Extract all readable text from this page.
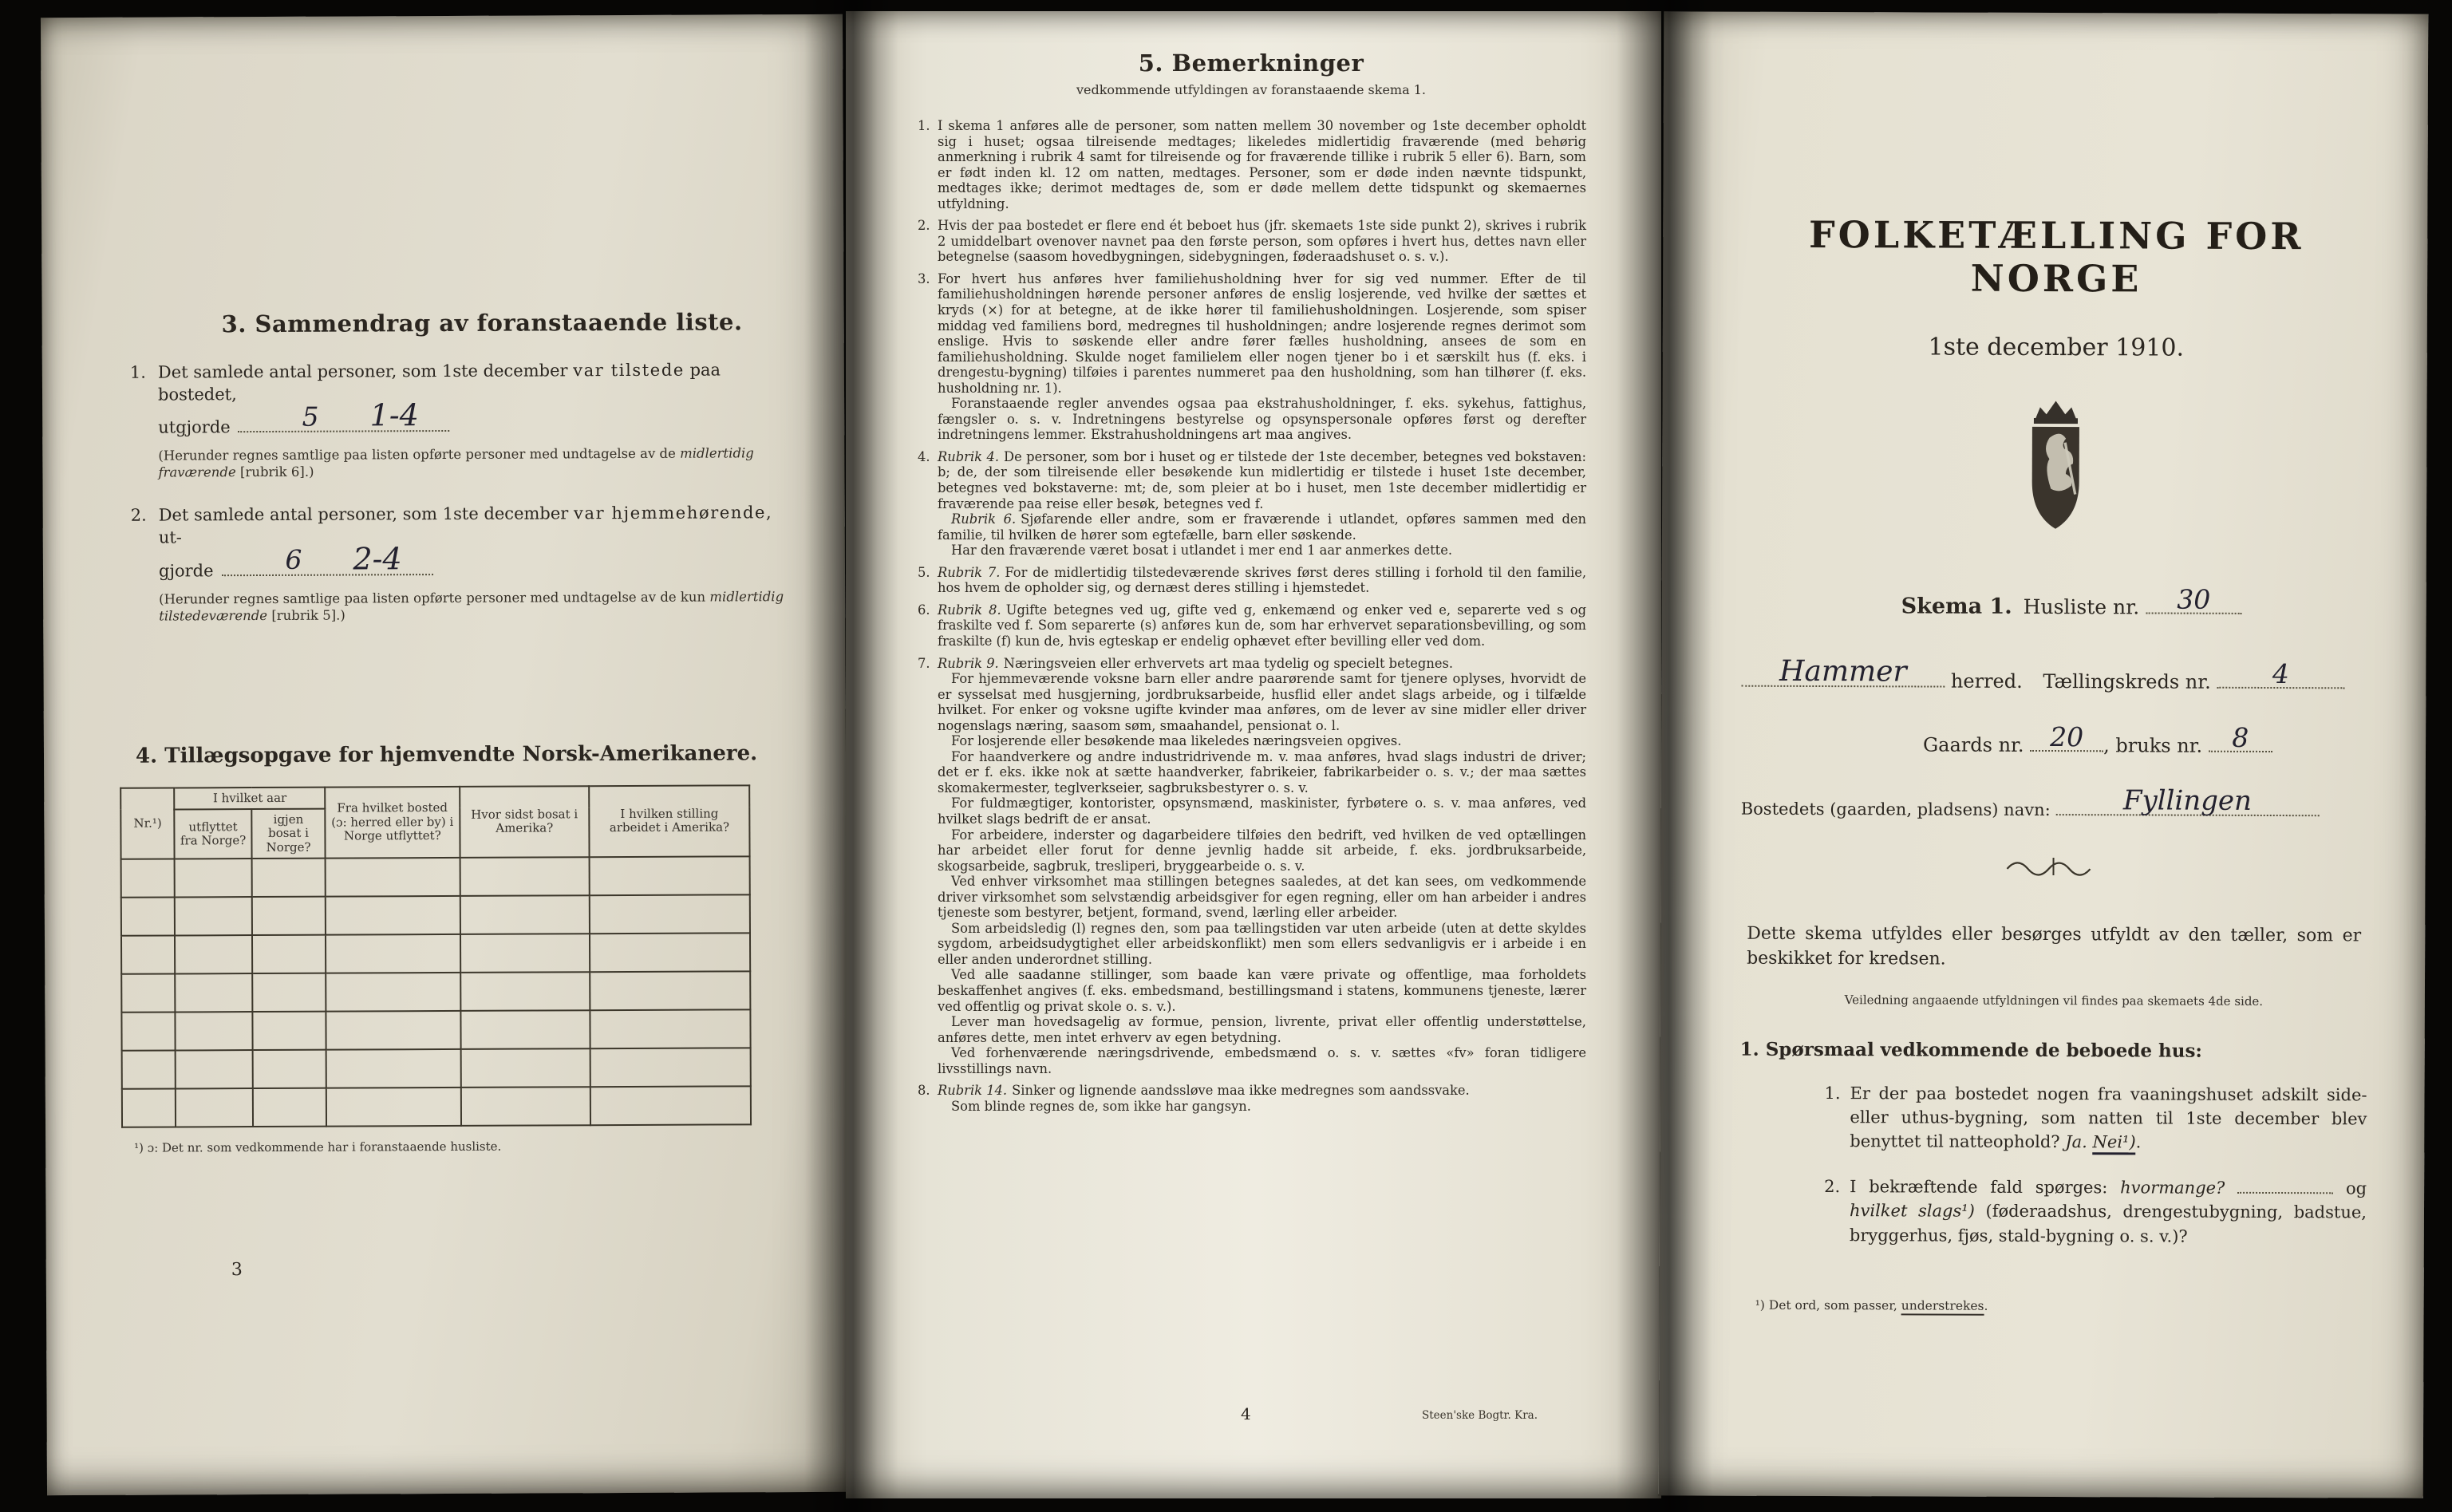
3. Sammendrag av foranstaaende liste.
1. Det samlede antal personer, som 1ste december var tilstede paa bostedet,
utgjorde	5 1-4
(Herunder regnes samtlige paa listen opførte personer med undtagelse av de midlertidig fraværende [rubrik 6].)
2. Det samlede antal personer, som 1ste december var hjemmehørende, ut-
gjorde	6 2-4
(Herunder regnes samtlige paa listen opførte personer med undtagelse av de kun midlertidig tilstedeværende [rubrik 5].)
4. Tillægsopgave for hjemvendte Norsk-Amerikanere.
Nr.¹)	I hvilket aar		Fra hvilket bosted (ɔ: herred eller by) i Norge utflyttet?	Hvor sidst bosat i Amerika?	I hvilken stilling arbeidet i Amerika?
	utflyttet fra Norge?	igjen bosat i Norge?			

¹) ɔ: Det nr. som vedkommende har i foranstaaende husliste.
3
5. Bemerkninger
vedkommende utfyldingen av foranstaaende skema 1.
1. I skema 1 anføres alle de personer, som natten mellem 30 november og 1ste december opholdt sig i huset; ogsaa tilreisende medtages; likeledes midlertidig fraværende (med behørig anmerkning i rubrik 4 samt for tilreisende og for fraværende tillike i rubrik 5 eller 6). Barn, som er født inden kl. 12 om natten, medtages. Personer, som er døde inden nævnte tidspunkt, medtages ikke; derimot medtages de, som er døde mellem dette tidspunkt og skemaernes utfyldning.
2. Hvis der paa bostedet er flere end ét beboet hus (jfr. skemaets 1ste side punkt 2), skrives i rubrik 2 umiddelbart ovenover navnet paa den første person, som opføres i hvert hus, dettes navn eller betegnelse (saasom hovedbygningen, sidebygningen, føderaadshuset o. s. v.).
3. For hvert hus anføres hver familiehusholdning hver for sig ved nummer. Efter de til familiehusholdningen hørende personer anføres de enslig losjerende, ved hvilke der sættes et kryds (×) for at betegne, at de ikke hører til familiehusholdningen. Losjerende, som spiser middag ved familiens bord, medregnes til husholdningen; andre losjerende regnes derimot som enslige. Hvis to søskende eller andre fører fælles husholdning, ansees de som en familiehusholdning. Skulde noget familielem eller nogen tjener bo i et særskilt hus (f. eks. i drengestu-bygning) tilføies i parentes nummeret paa den husholdning, som han tilhører (f. eks. husholdning nr. 1).
Foranstaaende regler anvendes ogsaa paa ekstrahusholdninger, f. eks. sykehus, fattighus, fængsler o. s. v. Indretningens bestyrelse og opsynspersonale opføres først og derefter indretningens lemmer. Ekstrahusholdningens art maa angives.
4. Rubrik 4. De personer, som bor i huset og er tilstede der 1ste december, betegnes ved bokstaven: b; de, der som tilreisende eller besøkende kun midlertidig er tilstede i huset 1ste december, betegnes ved bokstaverne: mt; de, som pleier at bo i huset, men 1ste december midlertidig er fraværende paa reise eller besøk, betegnes ved f.
Rubrik 6. Sjøfarende eller andre, som er fraværende i utlandet, opføres sammen med den familie, til hvilken de hører som egtefælle, barn eller søskende.
Har den fraværende været bosat i utlandet i mer end 1 aar anmerkes dette.
5. Rubrik 7. For de midlertidig tilstedeværende skrives først deres stilling i forhold til den familie, hos hvem de opholder sig, og dernæst deres stilling i hjemstedet.
6. Rubrik 8. Ugifte betegnes ved ug, gifte ved g, enkemænd og enker ved e, separerte ved s og fraskilte ved f. Som separerte (s) anføres kun de, som har erhvervet separationsbevilling, og som fraskilte (f) kun de, hvis egteskap er endelig ophævet efter bevilling eller ved dom.
7. Rubrik 9. Næringsveien eller erhvervets art maa tydelig og specielt betegnes.
For hjemmeværende voksne barn eller andre paarørende samt for tjenere oplyses, hvorvidt de er sysselsat med husgjerning, jordbruksarbeide, husflid eller andet slags arbeide, og i tilfælde hvilket. For enker og voksne ugifte kvinder maa anføres, om de lever av sine midler eller driver nogenslags næring, saasom søm, smaahandel, pensionat o. l.
For losjerende eller besøkende maa likeledes næringsveien opgives.
For haandverkere og andre industridrivende m. v. maa anføres, hvad slags industri de driver; det er f. eks. ikke nok at sætte haandverker, fabrikeier, fabrikarbeider o. s. v.; der maa sættes skomakermester, teglverkseier, sagbruksbestyrer o. s. v.
For fuldmægtiger, kontorister, opsynsmænd, maskinister, fyrbøtere o. s. v. maa anføres, ved hvilket slags bedrift de er ansat.
For arbeidere, inderster og dagarbeidere tilføies den bedrift, ved hvilken de ved optællingen har arbeidet eller forut for denne jevnlig hadde sit arbeide, f. eks. jordbruksarbeide, skogsarbeide, sagbruk, tresliperi, bryggearbeide o. s. v.
Ved enhver virksomhet maa stillingen betegnes saaledes, at det kan sees, om vedkommende driver virksomhet som selvstændig arbeidsgiver for egen regning, eller om han arbeider i andres tjeneste som bestyrer, betjent, formand, svend, lærling eller arbeider.
Som arbeidsledig (l) regnes den, som paa tællingstiden var uten arbeide (uten at dette skyldes sygdom, arbeidsudygtighet eller arbeidskonflikt) men som ellers sedvanligvis er i arbeide i en eller anden underordnet stilling.
Ved alle saadanne stillinger, som baade kan være private og offentlige, maa forholdets beskaffenhet angives (f. eks. embedsmand, bestillingsmand i statens, kommunens tjeneste, lærer ved offentlig og privat skole o. s. v.).
Lever man hovedsagelig av formue, pension, livrente, privat eller offentlig understøttelse, anføres dette, men intet erhverv av egen betydning.
Ved forhenværende næringsdrivende, embedsmænd o. s. v. sættes «fv» foran tidligere livsstillings navn.
8. Rubrik 14. Sinker og lignende aandssløve maa ikke medregnes som aandssvake.
Som blinde regnes de, som ikke har gangsyn.
4	Steen'ske Bogtr. Kra.
FOLKETÆLLING FOR NORGE
1ste december 1910.
Skema 1. Husliste nr. 30
Hammer herred. Tællingskreds nr. 4
Gaards nr. 20 , bruks nr. 8
Bostedets (gaarden, pladsens) navn:	Fyllingen
Dette skema utfyldes eller besørges utfyldt av den tæller, som er beskikket for kredsen.
Veiledning angaaende utfyldningen vil findes paa skemaets 4de side.
1. Spørsmaal vedkommende de beboede hus:
1. Er der paa bostedet nogen fra vaaningshuset adskilt side- eller uthus-bygning, som natten til 1ste december blev benyttet til natteophold? Ja. Nei¹).
2. I bekræftende fald spørges: hvormange?	og hvilket slags¹) (føderaadshus, drengestubygning, badstue, bryggerhus, fjøs, stald-bygning o. s. v.)?
¹) Det ord, som passer, understrekes.
